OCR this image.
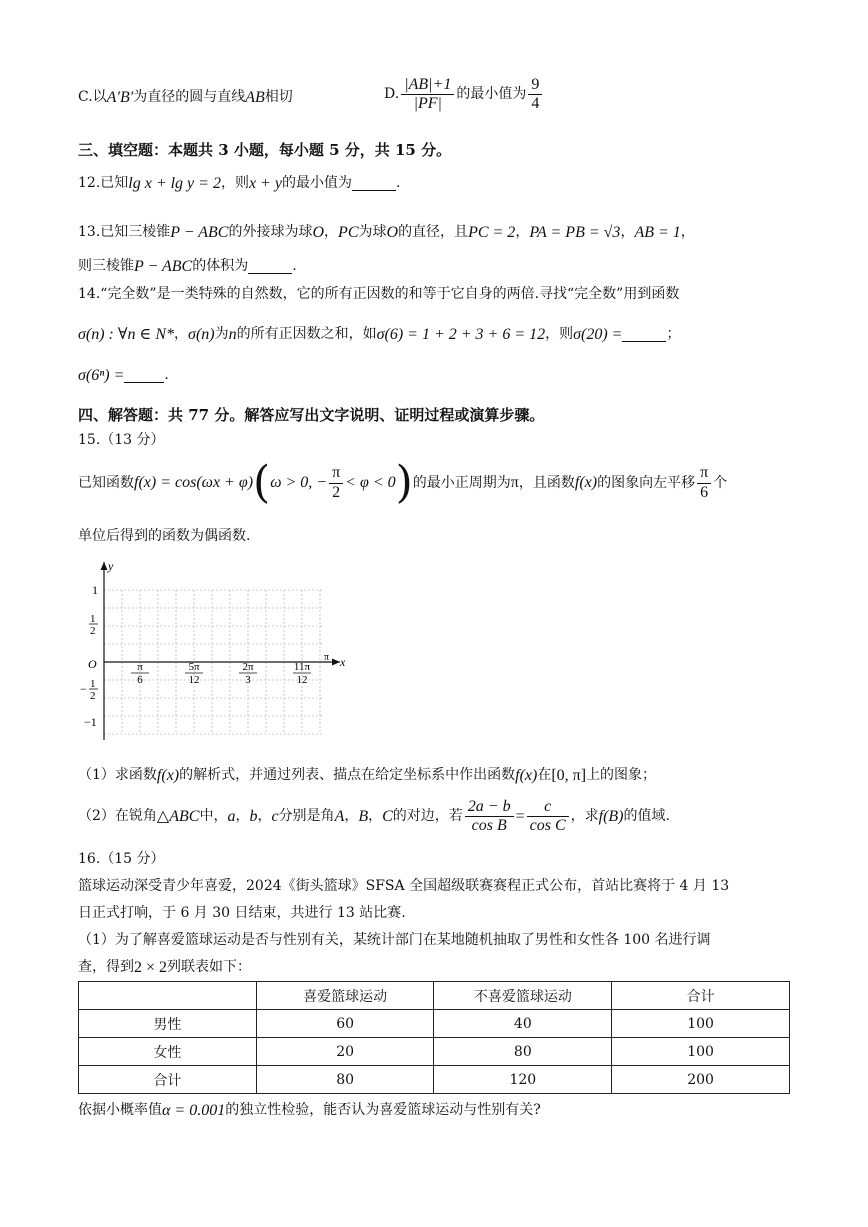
C.以 A′B′ 为直径的圆与直线 AB 相切	D. $\frac{|AB|+1}{|PF|}$ 的最小值为 $\frac{9}{4}$
三、填空题：本题共 3 小题，每小题 5 分，共 15 分。
12.已知 lg x + lg y = 2 ，则 x + y 的最小值为	.
13.已知三棱锥 P − ABC 的外接球为球 O ， PC 为球 O 的直径，且 PC = 2 ， PA = PB = √3 ， AB = 1 ，
则三棱锥 P − ABC 的体积为	.
14.“完全数”是一类特殊的自然数，它的所有正因数的和等于它自身的两倍.寻找“完全数”用到函数
σ(n) : ∀n ∈ N* ， σ(n) 为 n 的所有正因数之和，如 σ(6) = 1 + 2 + 3 + 6 = 12 ，则 σ(20) =	；
σ(6ⁿ) =	.
四、解答题：共 77 分。解答应写出文字说明、证明过程或演算步骤。
15.（13 分）
已知函数 f(x) = cos(ωx + φ) ( ω > 0, − $\frac{\pi}{2} < \varphi < 0$ ) 的最小正周期为 π ，且函数 f(x) 的图象向左平移 $\frac{\pi}{6}$ 个
单位后得到的函数为偶函数.
y
x
O
1
1
2
− 1
2
−1
π
6
5π
12
2π
3
11π
12
π
（1）求函数 f(x) 的解析式，并通过列表、描点在给定坐标系中作出函数 f(x) 在 [0, π] 上的图象；
（2）在锐角 △ABC 中， a ， b ， c 分别是角 A ， B ， C 的对边，若 $\frac{2a - b}{\text{cos B}} = \frac{c}{\text{cos C}}$ ，求 f(B) 的值域.
16.（15 分）
篮球运动深受青少年喜爱，2024《街头篮球》SFSA 全国超级联赛赛程正式公布，首站比赛将于 4 月 13
日正式打响，于 6 月 30 日结束，共进行 13 站比赛.
（1）为了解喜爱篮球运动是否与性别有关，某统计部门在某地随机抽取了男性和女性各 100 名进行调
查，得到 2 × 2 列联表如下：
	喜爱篮球运动	不喜爱篮球运动	合计
男性	60	40	100
女性	20	80	100
合计	80	120	200
依据小概率值 α = 0.001 的独立性检验，能否认为喜爱篮球运动与性别有关?
